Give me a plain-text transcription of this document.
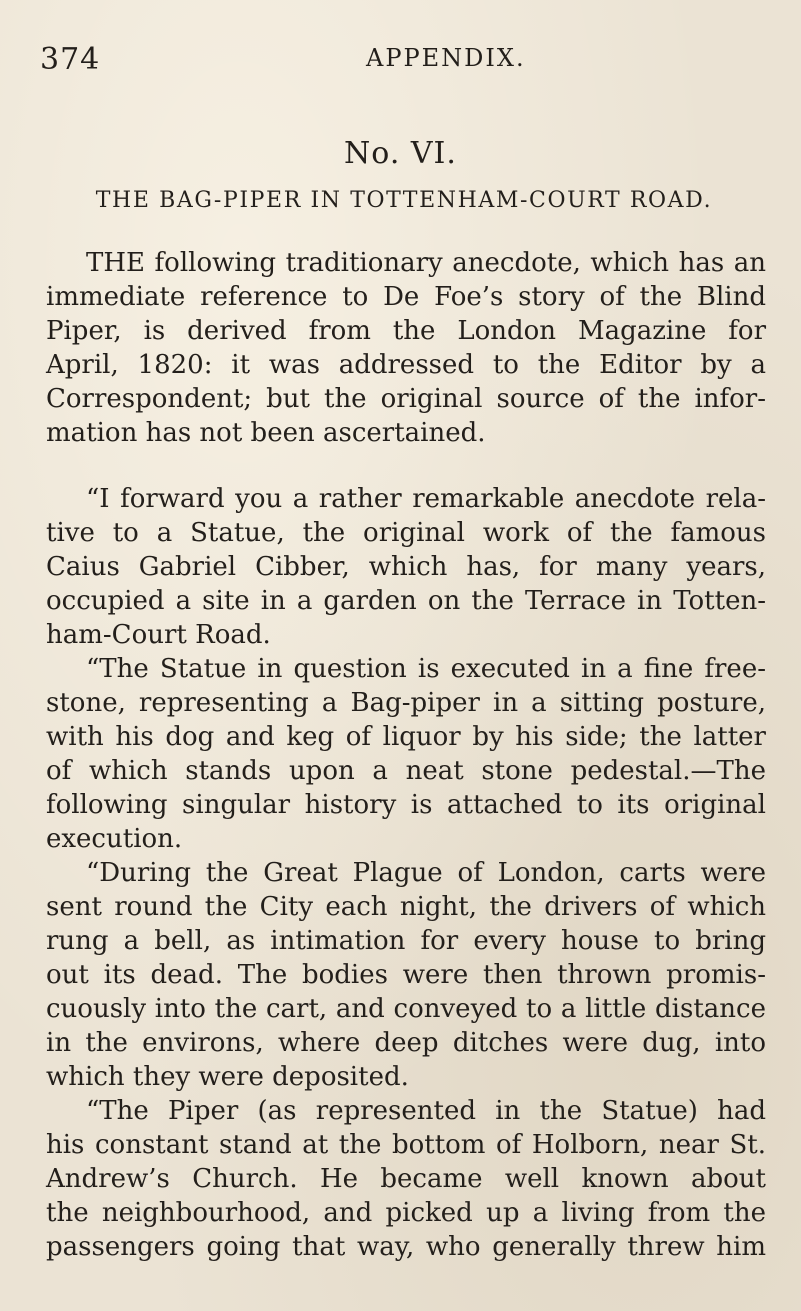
374	APPENDIX.
No. VI.
THE BAG-PIPER IN TOTTENHAM-COURT ROAD.
THE following traditionary anecdote, which has an
immediate reference to De Foe’s story of the Blind
Piper, is derived from the London Magazine for
April, 1820: it was addressed to the Editor by a
Correspondent; but the original source of the infor-
mation has not been ascertained.
“I forward you a rather remarkable anecdote rela-
tive to a Statue, the original work of the famous
Caius Gabriel Cibber, which has, for many years,
occupied a site in a garden on the Terrace in Totten-
ham-Court Road.
“The Statue in question is executed in a fine free-
stone, representing a Bag-piper in a sitting posture,
with his dog and keg of liquor by his side; the latter
of which stands upon a neat stone pedestal.—The
following singular history is attached to its original
execution.
“During the Great Plague of London, carts were
sent round the City each night, the drivers of which
rung a bell, as intimation for every house to bring
out its dead. The bodies were then thrown promis-
cuously into the cart, and conveyed to a little distance
in the environs, where deep ditches were dug, into
which they were deposited.
“The Piper (as represented in the Statue) had
his constant stand at the bottom of Holborn, near St.
Andrew’s Church. He became well known about
the neighbourhood, and picked up a living from the
passengers going that way, who generally threw him
